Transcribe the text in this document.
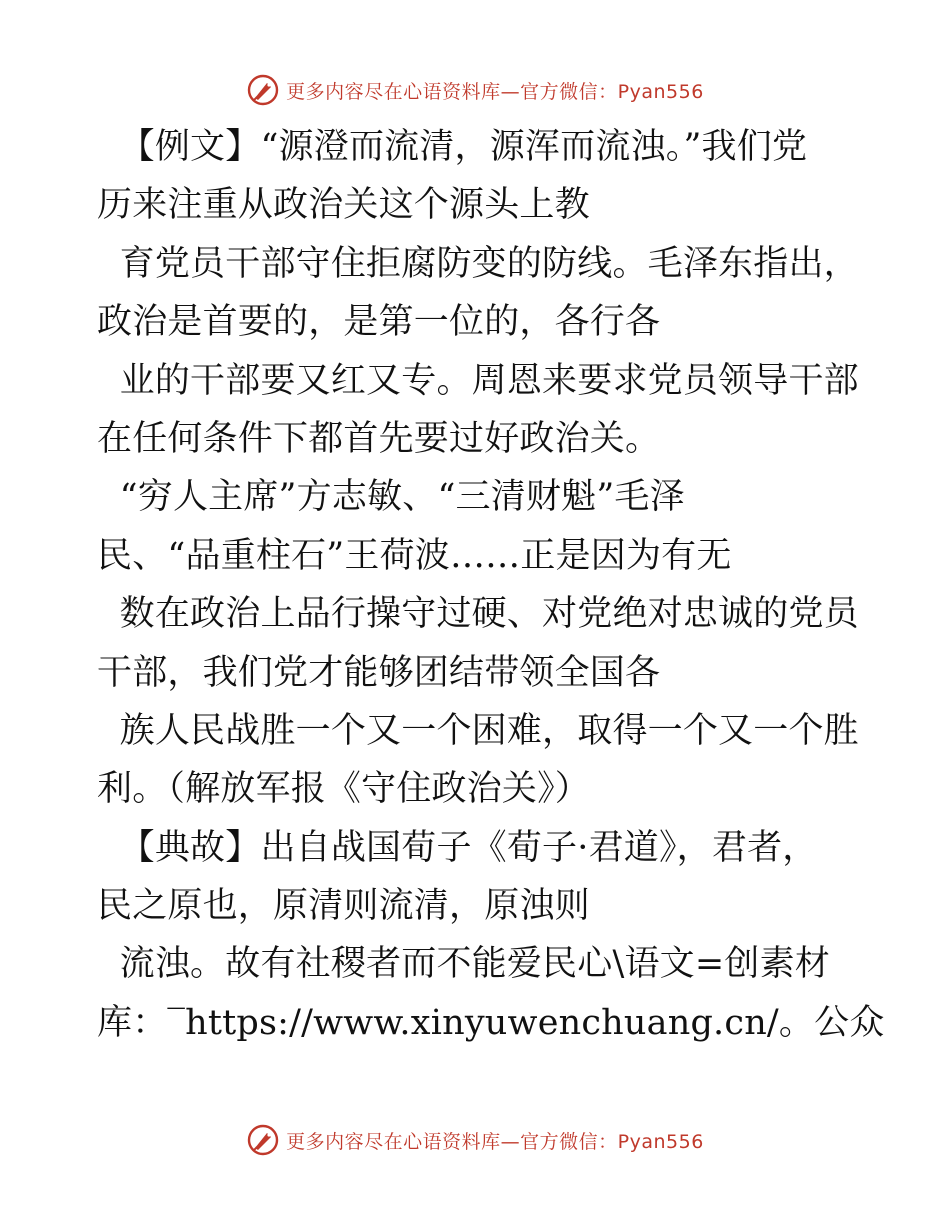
更多内容尽在心语资料库—官方微信：Pyan556
【例文】“源澄而流清，源浑而流浊。”我们党
历来注重从政治关这个源头上教
育党员干部守住拒腐防变的防线。毛泽东指出，
政治是首要的，是第一位的，各行各
业的干部要又红又专。周恩来要求党员领导干部
在任何条件下都首先要过好政治关。
“穷人主席”方志敏、“三清财魁”毛泽
民、“品重柱石”王荷波……正是因为有无
数在政治上品行操守过硬、对党绝对忠诚的党员
干部，我们党才能够团结带领全国各
族人民战胜一个又一个困难，取得一个又一个胜
利。（解放军报《守住政治关》）
【典故】出自战国荀子《荀子·君道》，君者，
民之原也，原清则流清，原浊则
流浊。故有社稷者而不能爱民心\语文=创素材
库：‾https://www.xinyuwenchuang.cn/。公众
更多内容尽在心语资料库—官方微信：Pyan556
